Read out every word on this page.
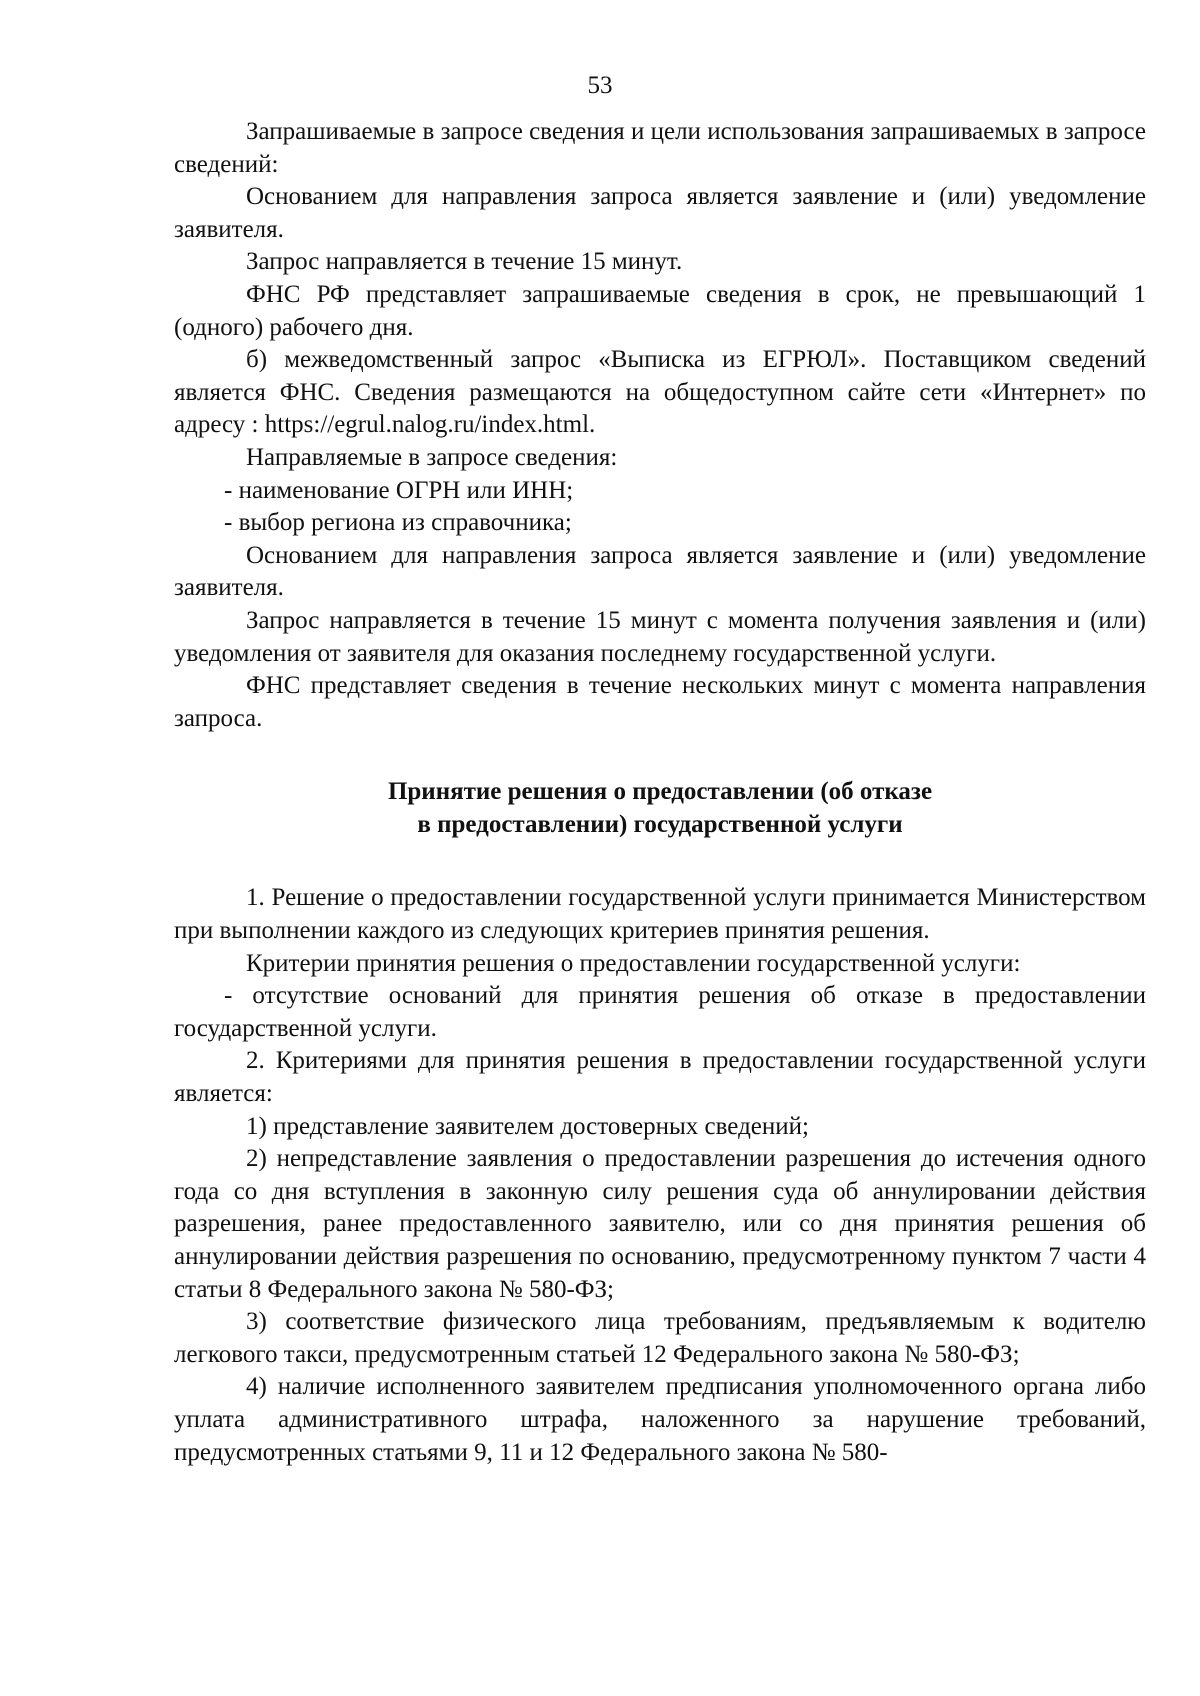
53

Запрашиваемые в запросе сведения и цели использования запрашиваемых в запросе сведений:

Основанием для направления запроса является заявление и (или) уведомление заявителя.

Запрос направляется в течение 15 минут.

ФНС РФ представляет запрашиваемые сведения в срок, не превышающий 1 (одного) рабочего дня.

б) межведомственный запрос «Выписка из ЕГРЮЛ». Поставщиком сведений является ФНС. Сведения размещаются на общедоступном сайте сети «Интернет» по адресу : https://egrul.nalog.ru/index.html.

Направляемые в запросе сведения:

- наименование ОГРН или ИНН;

- выбор региона из справочника;

Основанием для направления запроса является заявление и (или) уведомление заявителя.

Запрос направляется в течение 15 минут с момента получения заявления и (или) уведомления от заявителя для оказания последнему государственной услуги.

ФНС представляет сведения в течение нескольких минут с момента направления запроса.

Принятие решения о предоставлении (об отказе
в предоставлении) государственной услуги

1. Решение о предоставлении государственной услуги принимается Министерством при выполнении каждого из следующих критериев принятия решения.

Критерии принятия решения о предоставлении государственной услуги:

- отсутствие оснований для принятия решения об отказе в предоставлении государственной услуги.

2. Критериями для принятия решения в предоставлении государственной услуги является:

1) представление заявителем достоверных сведений;

2) непредставление заявления о предоставлении разрешения до истечения одного года со дня вступления в законную силу решения суда об аннулировании действия разрешения, ранее предоставленного заявителю, или со дня принятия решения об аннулировании действия разрешения по основанию, предусмотренному пунктом 7 части 4 статьи 8 Федерального закона № 580-ФЗ;

3) соответствие физического лица требованиям, предъявляемым к водителю легкового такси, предусмотренным статьей 12 Федерального закона № 580-ФЗ;

4) наличие исполненного заявителем предписания уполномоченного органа либо уплата административного штрафа, наложенного за нарушение требований, предусмотренных статьями 9, 11 и 12 Федерального закона № 580-
